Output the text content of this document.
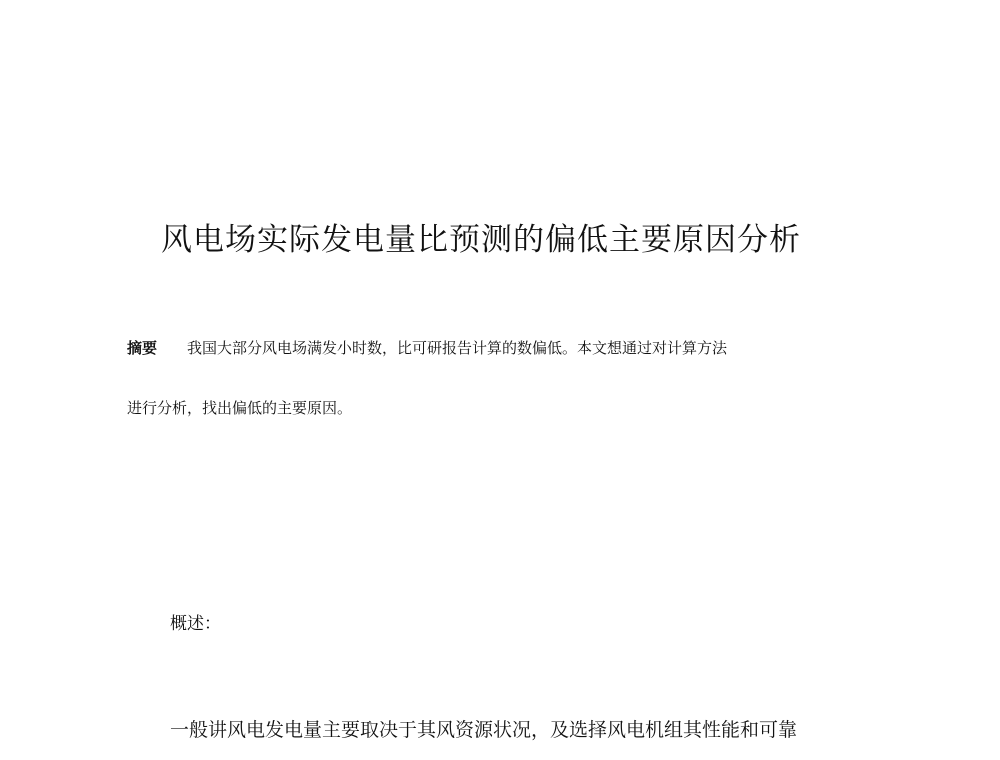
风电场实际发电量比预测的偏低主要原因分析
摘要 我国大部分风电场满发小时数，比可研报告计算的数偏低。本文想通过对计算方法
进行分析，找出偏低的主要原因。
概述：
一般讲风电发电量主要取决于其风资源状况，及选择风电机组其性能和可靠
